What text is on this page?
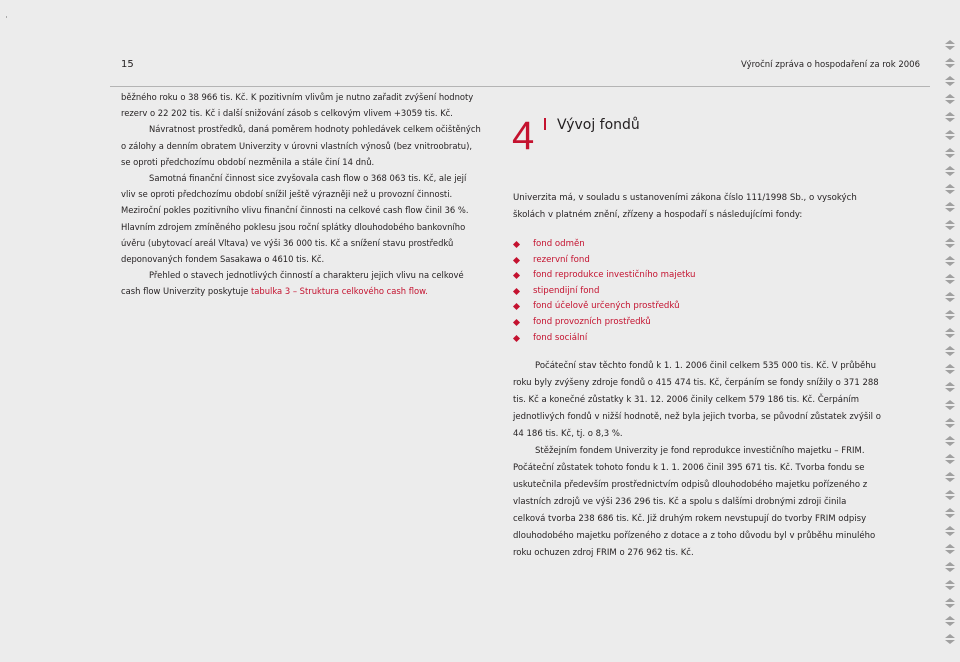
15	Výroční zpráva o hospodaření za rok 2006

běžného roku o 38 966 tis. Kč. K pozitivním vlivům je nutno zařadit zvýšení hodnoty rezerv o 22 202 tis. Kč i další snižování zásob s celkovým vlivem +3059 tis. Kč.

Návratnost prostředků, daná poměrem hodnoty pohledávek celkem očištěných o zálohy a denním obratem Univerzity v úrovni vlastních výnosů (bez vnitroobratu), se oproti předchozímu období nezměnila a stále činí 14 dnů.

Samotná finanční činnost sice zvyšovala cash flow o 368 063 tis. Kč, ale její vliv se oproti předchozímu období snížil ještě výrazněji než u provozní činnosti. Meziroční pokles pozitivního vlivu finanční činnosti na celkové cash flow činil 36 %. Hlavním zdrojem zmíněného poklesu jsou roční splátky dlouhodobého bankovního úvěru (ubytovací areál Vltava) ve výši 36 000 tis. Kč a snížení stavu prostředků deponovaných fondem Sasakawa o 4610 tis. Kč.

Přehled o stavech jednotlivých činností a charakteru jejich vlivu na celkové cash flow Univerzity poskytuje tabulka 3 – Struktura celkového cash flow.

4 Vývoj fondů

Univerzita má, v souladu s ustanoveními zákona číslo 111/1998 Sb., o vysokých školách v platném znění, zřízeny a hospodaří s následujícími fondy:

fond odměn
rezervní fond
fond reprodukce investičního majetku
stipendijní fond
fond účelově určených prostředků
fond provozních prostředků
fond sociální

Počáteční stav těchto fondů k 1. 1. 2006 činil celkem 535 000 tis. Kč. V průběhu roku byly zvýšeny zdroje fondů o 415 474 tis. Kč, čerpáním se fondy snížily o 371 288 tis. Kč a konečné zůstatky k 31. 12. 2006 činily celkem 579 186 tis. Kč. Čerpáním jednotlivých fondů v nižší hodnotě, než byla jejich tvorba, se původní zůstatek zvýšil o 44 186 tis. Kč, tj. o 8,3 %.

Stěžejním fondem Univerzity je fond reprodukce investičního majetku – FRIM. Počáteční zůstatek tohoto fondu k 1. 1. 2006 činil 395 671 tis. Kč. Tvorba fondu se uskutečnila především prostřednictvím odpisů dlouhodobého majetku pořízeného z vlastních zdrojů ve výši 236 296 tis. Kč a spolu s dalšími drobnými zdroji činila celková tvorba 238 686 tis. Kč. Již druhým rokem nevstupují do tvorby FRIM odpisy dlouhodobého majetku pořízeného z dotace a z toho důvodu byl v průběhu minulého roku ochuzen zdroj FRIM o 276 962 tis. Kč.
